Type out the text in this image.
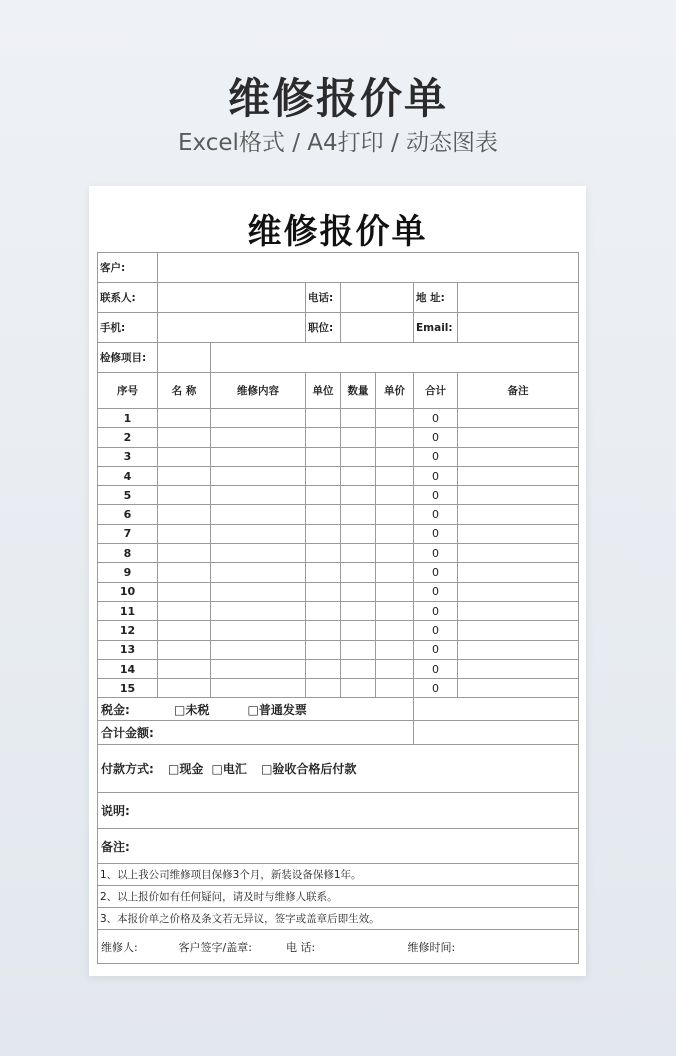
维修报价单
Excel格式 / A4打印 / 动态图表
维修报价单
客户:							
联系人:			电话:			地 址:	
手机:			职位:			Email:	
检修项目:							
序号	名 称	维修内容	单位	数量	单价	合计	备注
1						0	
2						0	
3						0	
4						0	
5						0	
6						0	
7						0	
8						0	
9						0	
10						0	
11						0	
12						0	
13						0	
14						0	
15						0	
税金: □未税 □普通发票							
合计金额:							
付款方式: □现金 □电汇 □验收合格后付款							
说明:							
备注:							
1、以上我公司维修项目保修3个月，新装设备保修1年。							
2、以上报价如有任何疑问，请及时与维修人联系。							
3、本报价单之价格及条文若无异议，签字或盖章后即生效。							
维修人: 客户签字/盖章: 电 话: 维修时间:							
